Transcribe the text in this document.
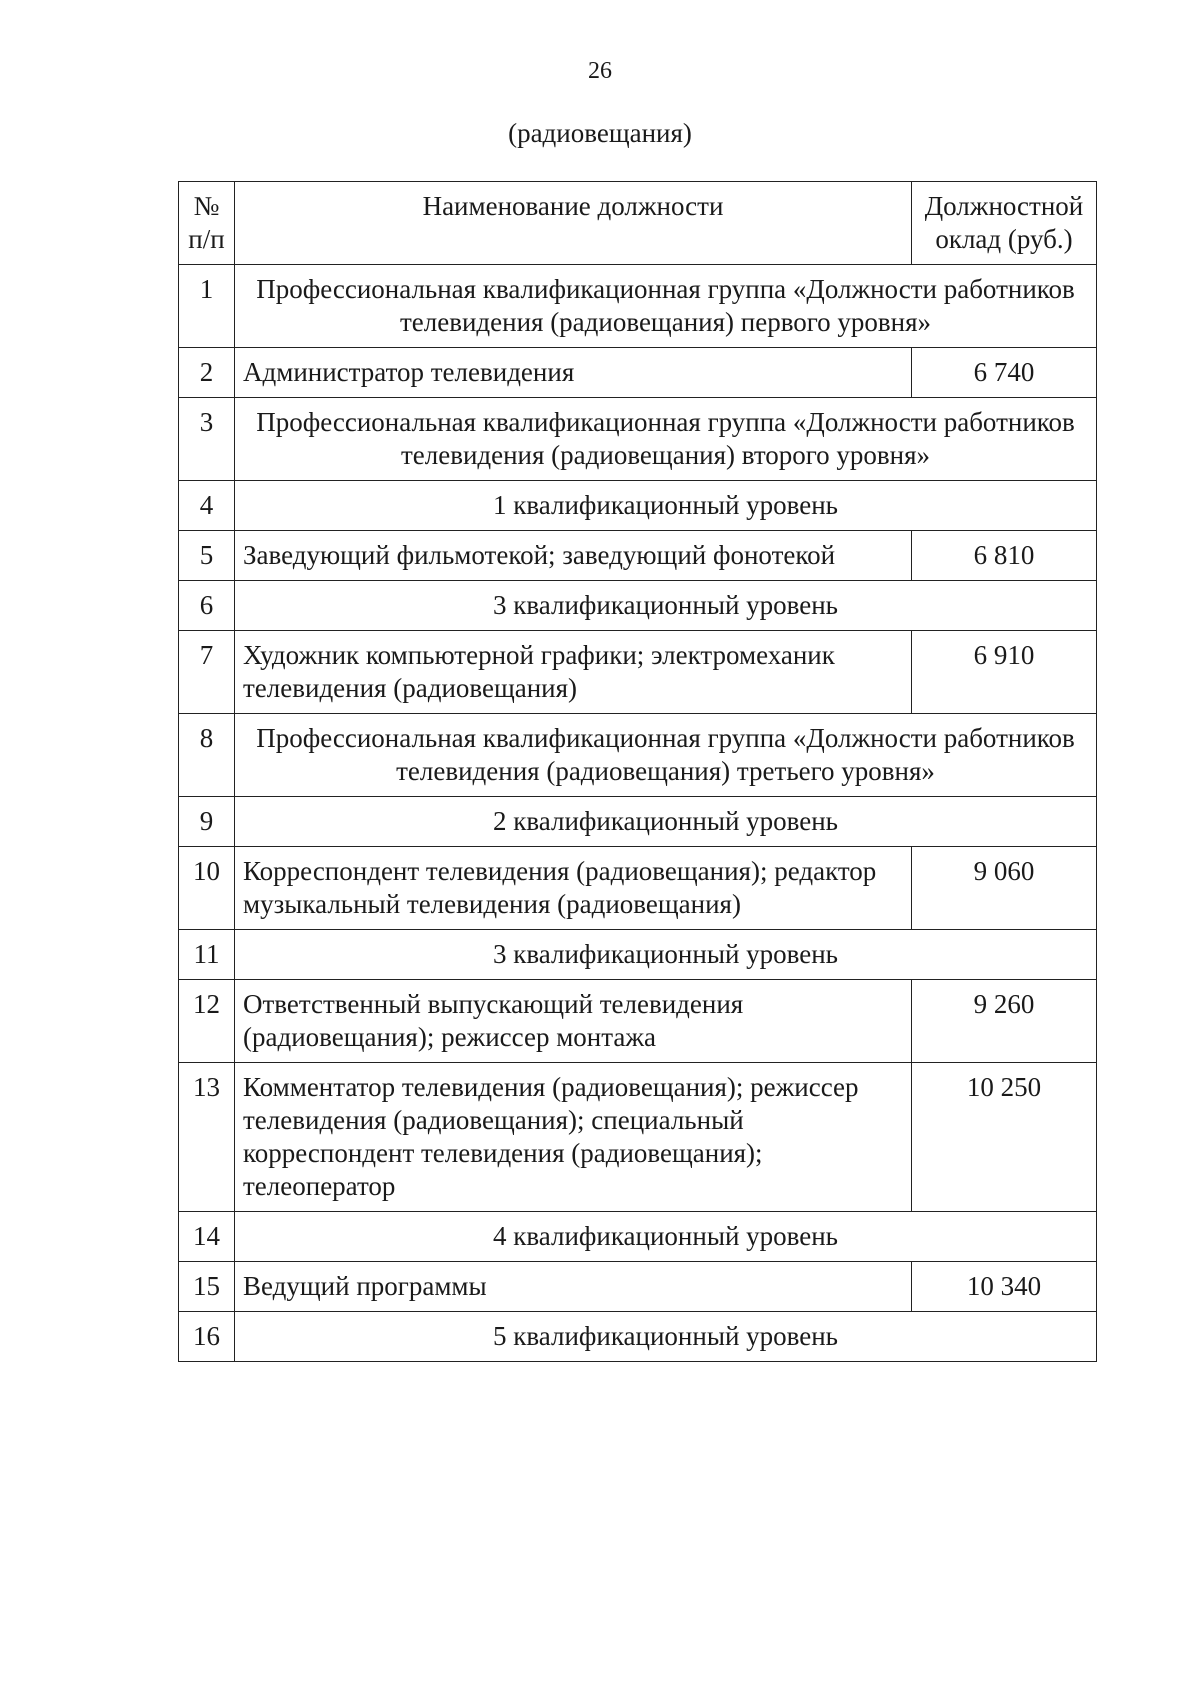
26
(радиовещания)
№ п/п	Наименование должности	Должностной оклад (руб.)
1	Профессиональная квалификационная группа «Должности работников телевидения (радиовещания) первого уровня»	
2	Администратор телевидения	6 740
3	Профессиональная квалификационная группа «Должности работников телевидения (радиовещания) второго уровня»	
4	1 квалификационный уровень	
5	Заведующий фильмотекой; заведующий фонотекой	6 810
6	3 квалификационный уровень	
7	Художник компьютерной графики; электромеханик телевидения (радиовещания)	6 910
8	Профессиональная квалификационная группа «Должности работников телевидения (радиовещания) третьего уровня»	
9	2 квалификационный уровень	
10	Корреспондент телевидения (радиовещания); редактор музыкальный телевидения (радиовещания)	9 060
11	3 квалификационный уровень	
12	Ответственный выпускающий телевидения (радиовещания); режиссер монтажа	9 260
13	Комментатор телевидения (радиовещания); режиссер телевидения (радиовещания); специальный корреспондент телевидения (радиовещания); телеоператор	10 250
14	4 квалификационный уровень	
15	Ведущий программы	10 340
16	5 квалификационный уровень	
